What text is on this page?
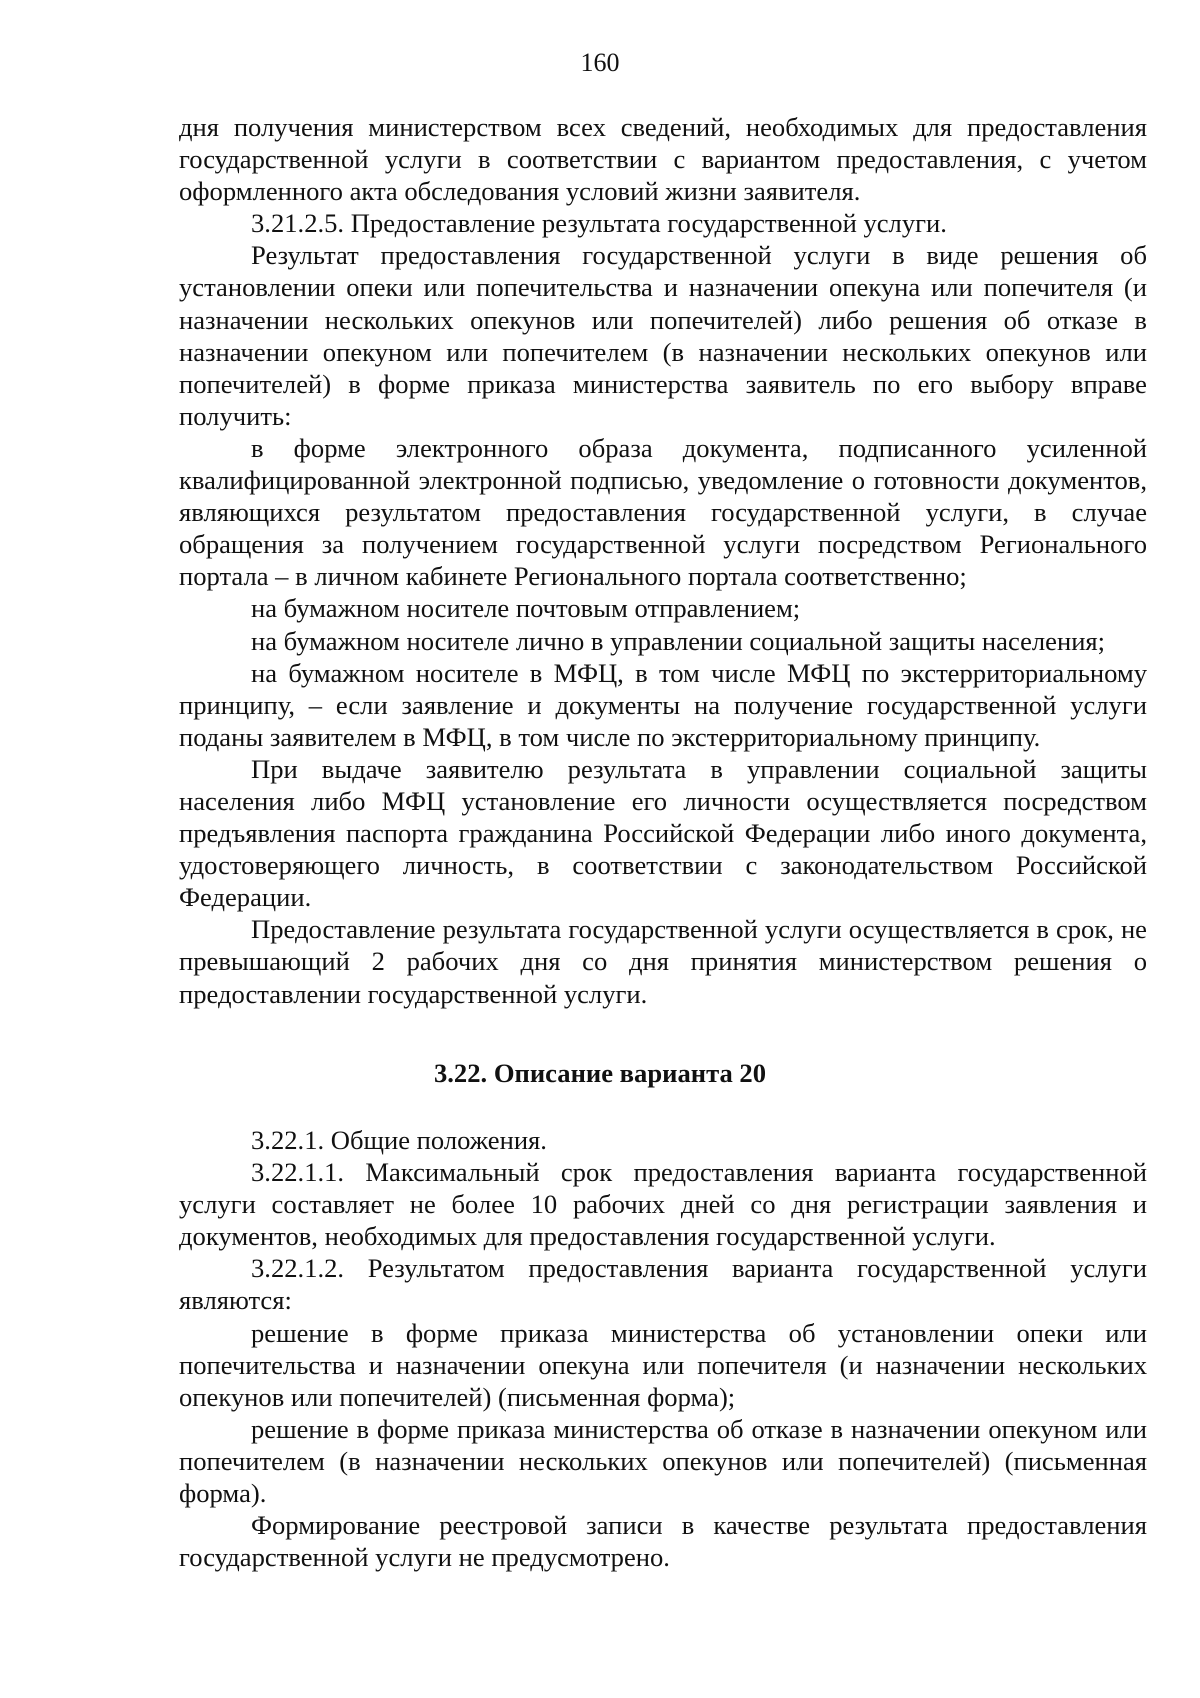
160

дня получения министерством всех сведений, необходимых для предоставления государственной услуги в соответствии с вариантом предоставления, с учетом оформленного акта обследования условий жизни заявителя.

3.21.2.5. Предоставление результата государственной услуги.

Результат предоставления государственной услуги в виде решения об установлении опеки или попечительства и назначении опекуна или попечителя (и назначении нескольких опекунов или попечителей) либо решения об отказе в назначении опекуном или попечителем (в назначении нескольких опекунов или попечителей) в форме приказа министерства заявитель по его выбору вправе получить:

в форме электронного образа документа, подписанного усиленной квалифицированной электронной подписью, уведомление о готовности документов, являющихся результатом предоставления государственной услуги, в случае обращения за получением государственной услуги посредством Регионального портала – в личном кабинете Регионального портала соответственно;

на бумажном носителе почтовым отправлением;

на бумажном носителе лично в управлении социальной защиты населения;

на бумажном носителе в МФЦ, в том числе МФЦ по экстерриториальному принципу, – если заявление и документы на получение государственной услуги поданы заявителем в МФЦ, в том числе по экстерриториальному принципу.

При выдаче заявителю результата в управлении социальной защиты населения либо МФЦ установление его личности осуществляется посредством предъявления паспорта гражданина Российской Федерации либо иного документа, удостоверяющего личность, в соответствии с законодательством Российской Федерации.

Предоставление результата государственной услуги осуществляется в срок, не превышающий 2 рабочих дня со дня принятия министерством решения о предоставлении государственной услуги.

3.22. Описание варианта 20

3.22.1. Общие положения.

3.22.1.1. Максимальный срок предоставления варианта государственной услуги составляет не более 10 рабочих дней со дня регистрации заявления и документов, необходимых для предоставления государственной услуги.

3.22.1.2. Результатом предоставления варианта государственной услуги являются:

решение в форме приказа министерства об установлении опеки или попечительства и назначении опекуна или попечителя (и назначении нескольких опекунов или попечителей) (письменная форма);

решение в форме приказа министерства об отказе в назначении опекуном или попечителем (в назначении нескольких опекунов или попечителей) (письменная форма).

Формирование реестровой записи в качестве результата предоставления государственной услуги не предусмотрено.
